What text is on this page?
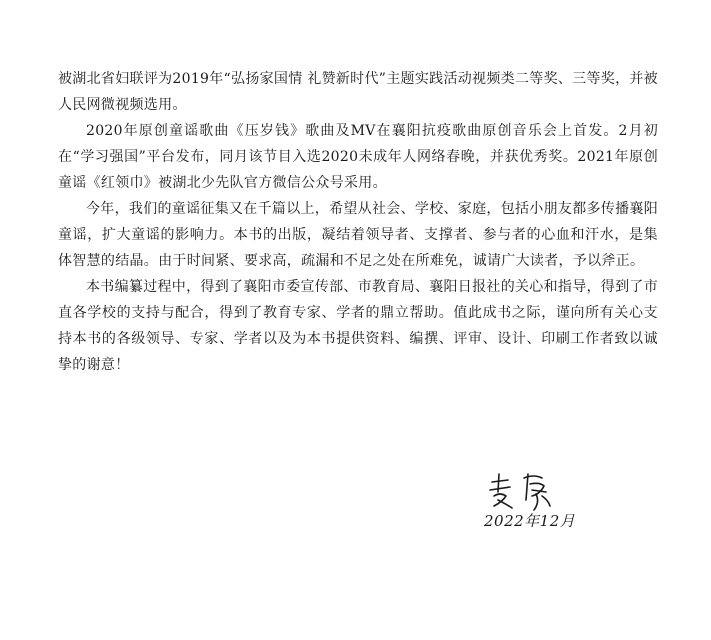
被湖北省妇联评为2019年“弘扬家国情 礼赞新时代”主题实践活动视频类二等奖、三等奖，并被人民网微视频选用。

2020年原创童谣歌曲《压岁钱》歌曲及MV在襄阳抗疫歌曲原创音乐会上首发。2月初在“学习强国”平台发布，同月该节目入选2020未成年人网络春晚，并获优秀奖。2021年原创童谣《红领巾》被湖北少先队官方微信公众号采用。

今年，我们的童谣征集又在千篇以上，希望从社会、学校、家庭，包括小朋友都多传播襄阳童谣，扩大童谣的影响力。本书的出版，凝结着领导者、支撑者、参与者的心血和汗水，是集体智慧的结晶。由于时间紧、要求高，疏漏和不足之处在所难免，诚请广大读者，予以斧正。

本书编纂过程中，得到了襄阳市委宣传部、市教育局、襄阳日报社的关心和指导，得到了市直各学校的支持与配合，得到了教育专家、学者的鼎立帮助。值此成书之际，谨向所有关心支持本书的各级领导、专家、学者以及为本书提供资料、编撰、评审、设计、印刷工作者致以诚挚的谢意！

2022年12月
